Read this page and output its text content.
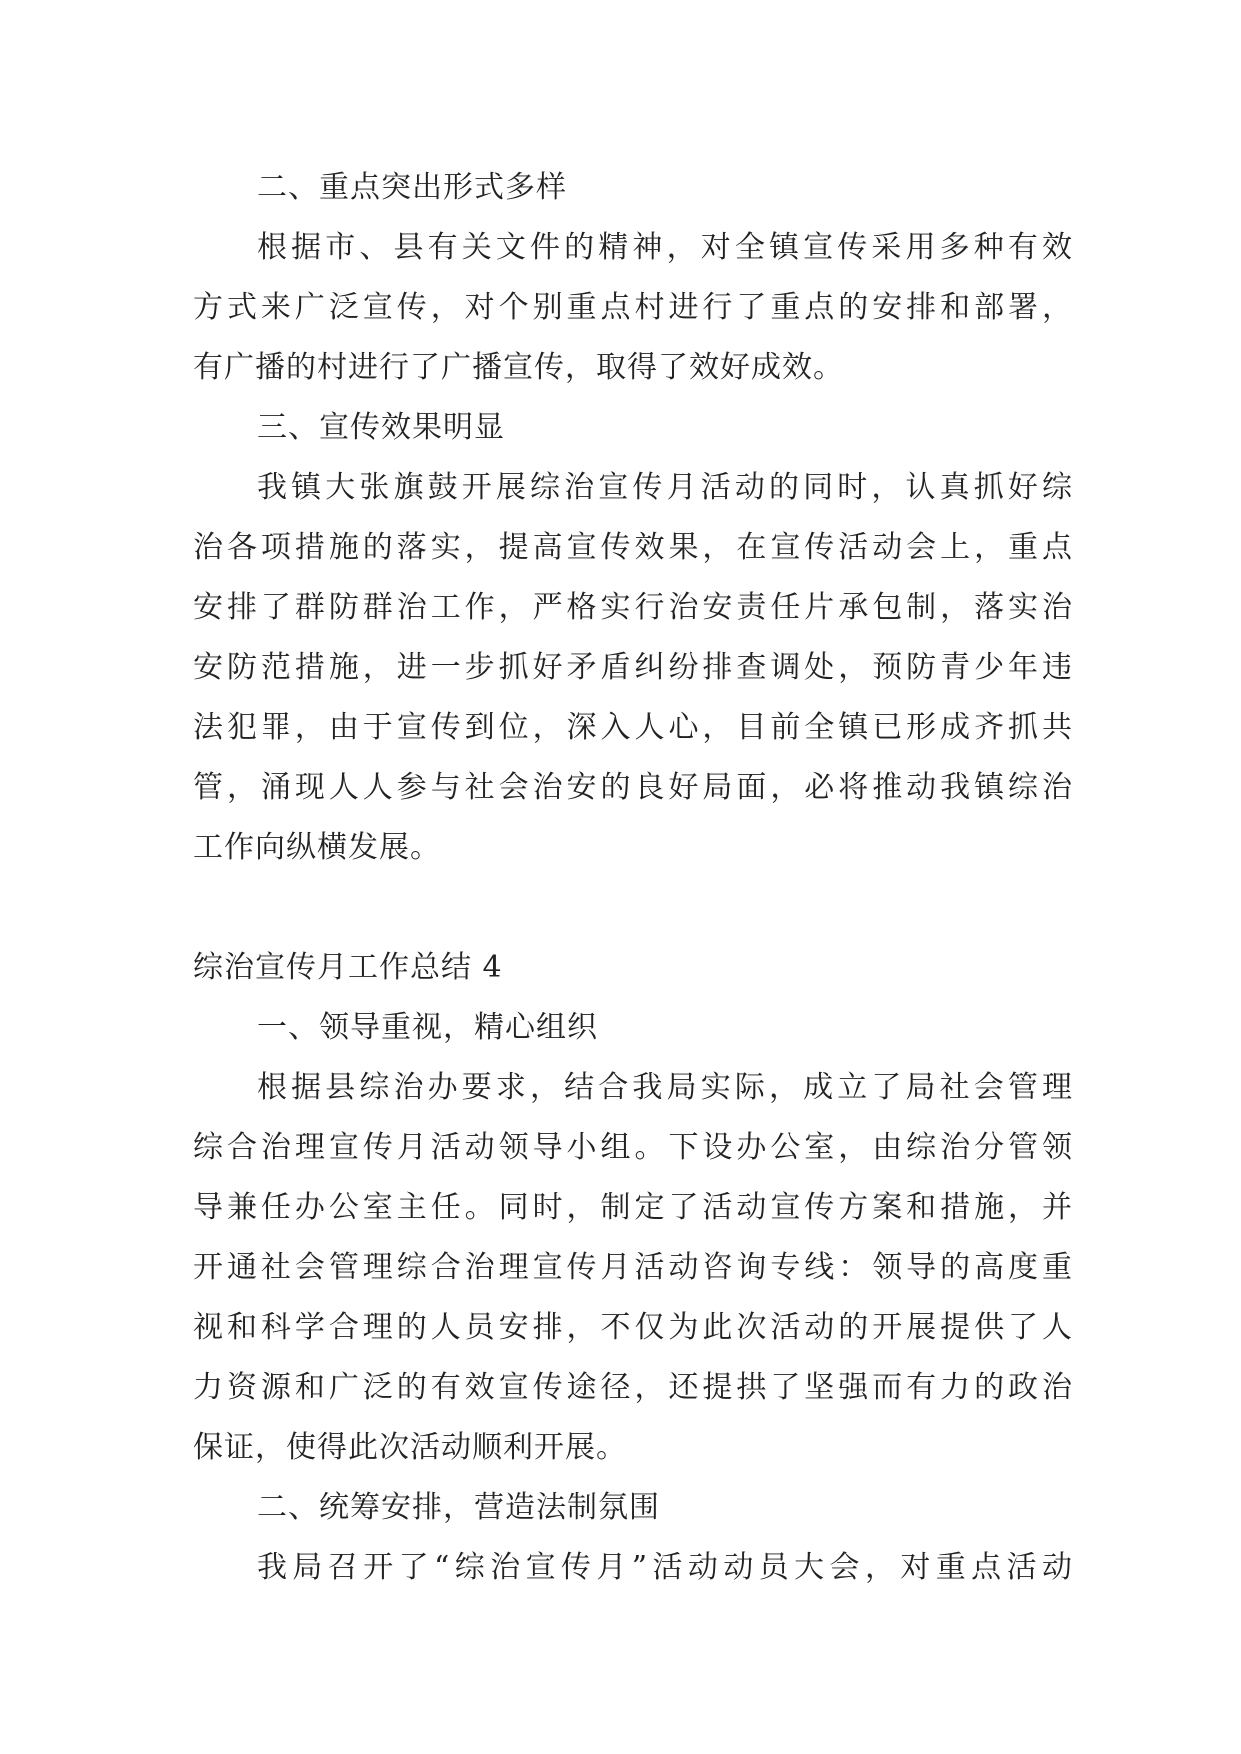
二、重点突出形式多样
根据市、县有关文件的精神，对全镇宣传采用多种有效
方式来广泛宣传，对个别重点村进行了重点的安排和部署，
有广播的村进行了广播宣传，取得了效好成效。
三、宣传效果明显
我镇大张旗鼓开展综治宣传月活动的同时，认真抓好综
治各项措施的落实，提高宣传效果，在宣传活动会上，重点
安排了群防群治工作，严格实行治安责任片承包制，落实治
安防范措施，进一步抓好矛盾纠纷排查调处，预防青少年违
法犯罪，由于宣传到位，深入人心，目前全镇已形成齐抓共
管，涌现人人参与社会治安的良好局面，必将推动我镇综治
工作向纵横发展。
综治宣传月工作总结 4
一、领导重视，精心组织
根据县综治办要求，结合我局实际，成立了局社会管理
综合治理宣传月活动领导小组。下设办公室，由综治分管领
导兼任办公室主任。同时，制定了活动宣传方案和措施，并
开通社会管理综合治理宣传月活动咨询专线：领导的高度重
视和科学合理的人员安排，不仅为此次活动的开展提供了人
力资源和广泛的有效宣传途径，还提拱了坚强而有力的政治
保证，使得此次活动顺利开展。
二、统筹安排，营造法制氛围
我局召开了“综治宣传月”活动动员大会，对重点活动
